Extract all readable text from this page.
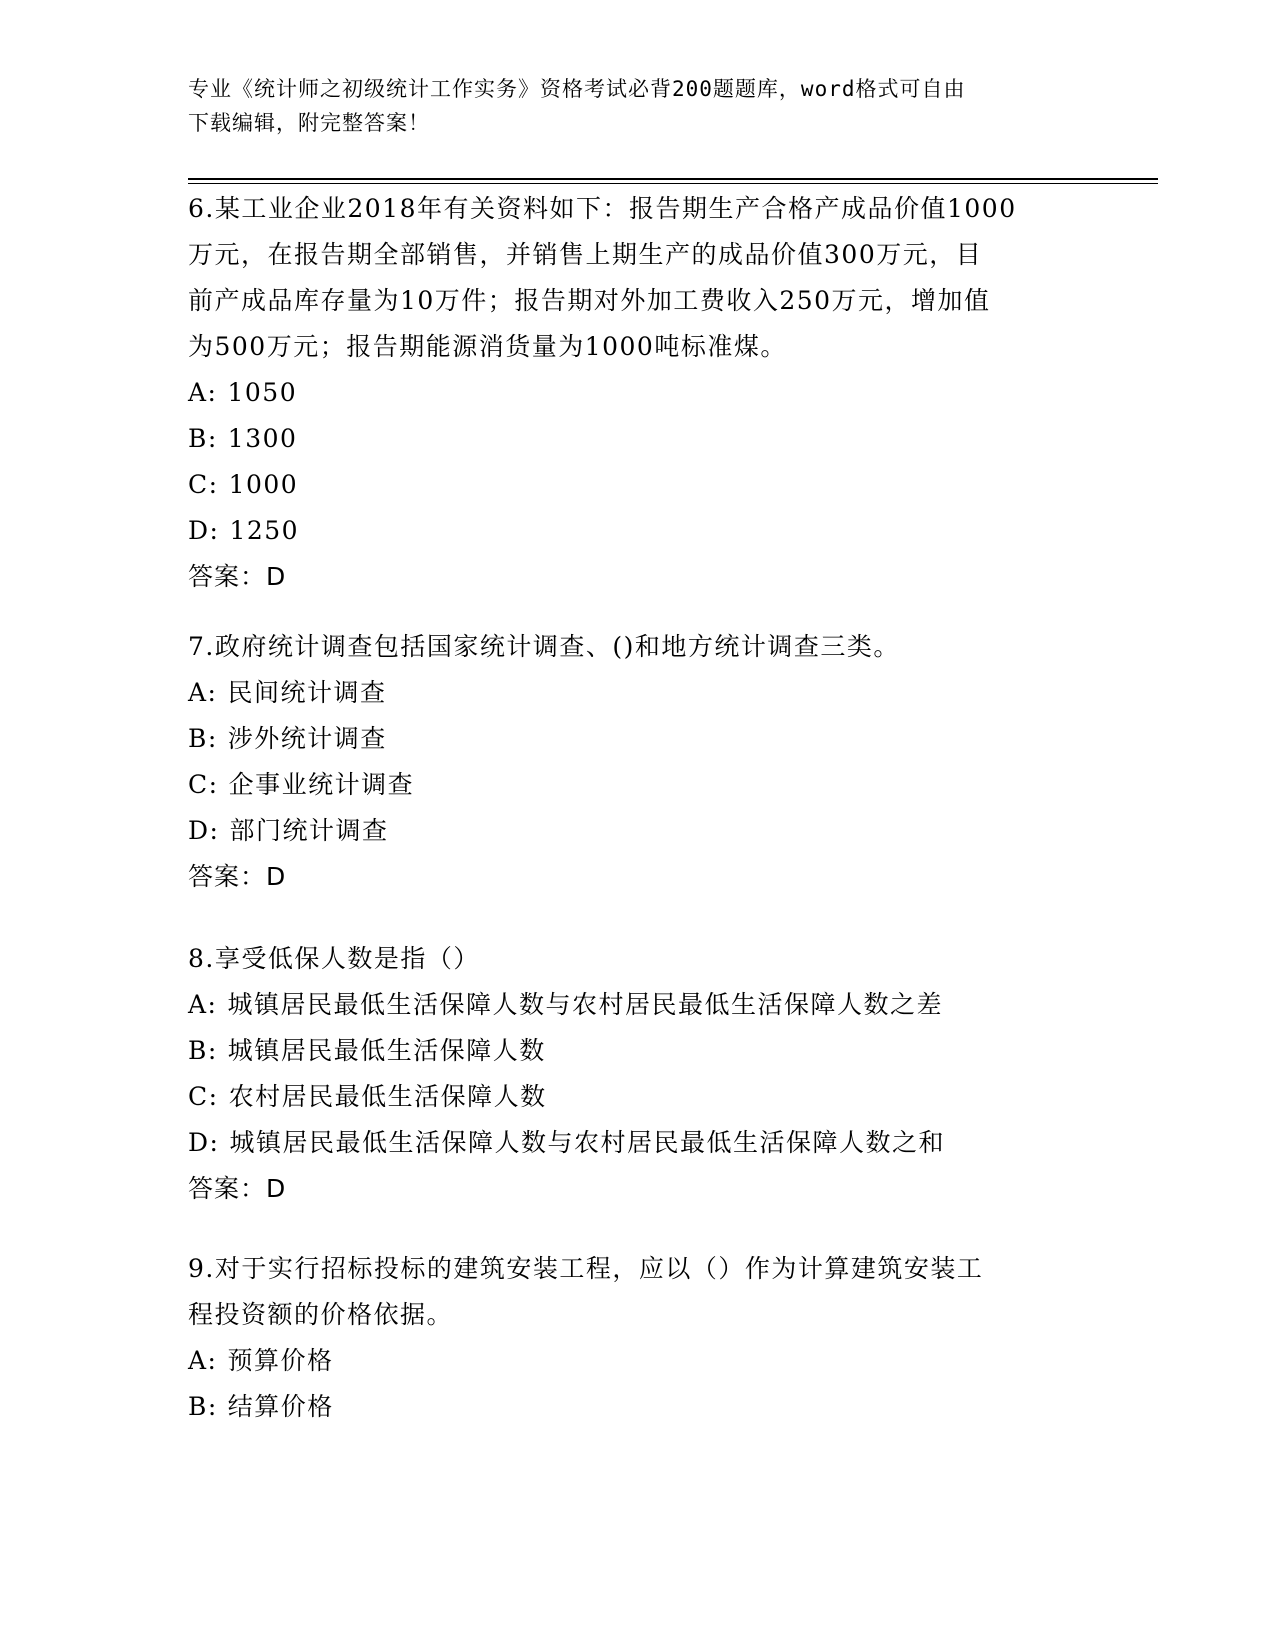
专业《统计师之初级统计工作实务》资格考试必背200题题库，word格式可自由
下载编辑，附完整答案！
6.某工业企业2018年有关资料如下：报告期生产合格产成品价值1000
万元，在报告期全部销售，并销售上期生产的成品价值300万元，目
前产成品库存量为10万件；报告期对外加工费收入250万元，增加值
为500万元；报告期能源消货量为1000吨标准煤。
A: 1050
B: 1300
C: 1000
D: 1250
答案：D
7.政府统计调查包括国家统计调查、()和地方统计调查三类。
A: 民间统计调查
B: 涉外统计调查
C: 企事业统计调查
D: 部门统计调查
答案：D
8.享受低保人数是指（）
A: 城镇居民最低生活保障人数与农村居民最低生活保障人数之差
B: 城镇居民最低生活保障人数
C: 农村居民最低生活保障人数
D: 城镇居民最低生活保障人数与农村居民最低生活保障人数之和
答案：D
9.对于实行招标投标的建筑安装工程，应以（）作为计算建筑安装工
程投资额的价格依据。
A: 预算价格
B: 结算价格
